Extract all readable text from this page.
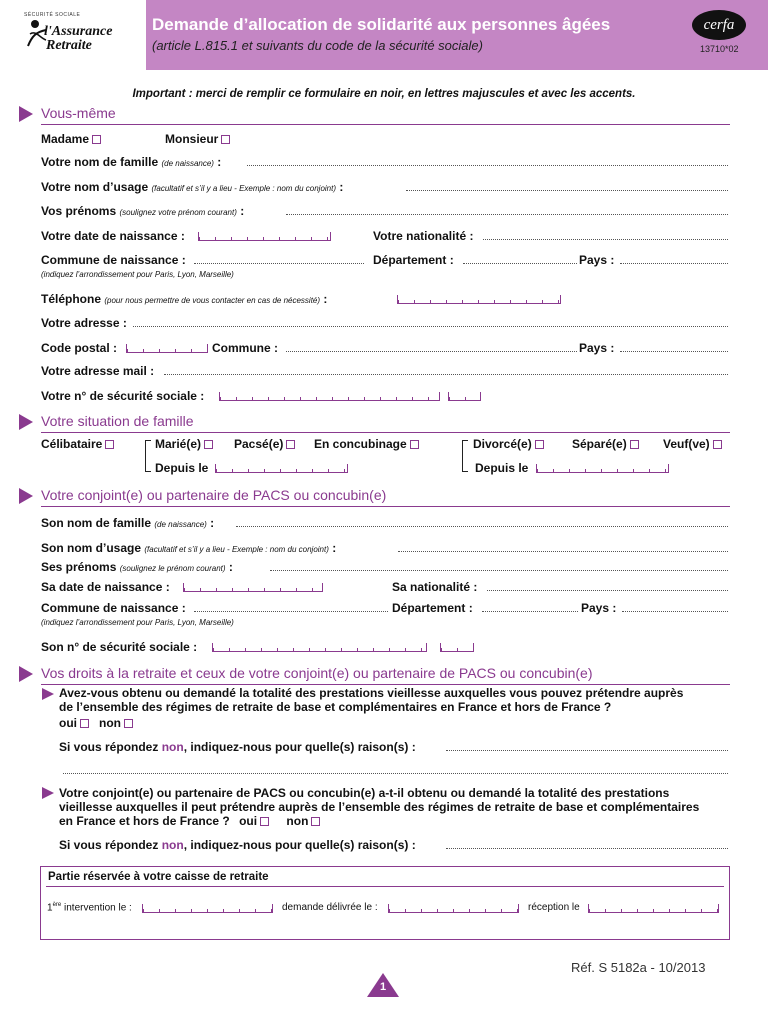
SÉCURITÉ SOCIALE
l'Assurance
Retraite
Demande d’allocation de solidarité aux personnes âgées
(article L.815.1 et suivants du code de la sécurité sociale)
cerfa
13710*02
Important : merci de remplir ce formulaire en noir, en lettres majuscules et avec les accents.
Vous-même
Madame	Monsieur
Votre nom de famille (de naissance) :
Votre nom d’usage (facultatif et s’il y a lieu - Exemple : nom du conjoint) :
Vos prénoms (soulignez votre prénom courant) :
Votre date de naissance :	Votre nationalité :
Commune de naissance :	Département :	Pays :
(indiquez l’arrondissement pour Paris, Lyon, Marseille)
Téléphone (pour nous permettre de vous contacter en cas de nécessité) :
Votre adresse :
Code postal :	Commune :	Pays :
Votre adresse mail :
Votre n° de sécurité sociale :
Votre situation de famille
Célibataire	Marié(e)	Pacsé(e)	En concubinage
Depuis le
Divorcé(e)	Séparé(e)	Veuf(ve)
Depuis le
Votre conjoint(e) ou partenaire de PACS ou concubin(e)
Son nom de famille (de naissance) :
Son nom d’usage (facultatif et s’il y a lieu - Exemple : nom du conjoint) :
Ses prénoms (soulignez le prénom courant) :
Sa date de naissance :	Sa nationalité :
Commune de naissance :	Département :	Pays :
(indiquez l’arrondissement pour Paris, Lyon, Marseille)
Son n° de sécurité sociale :
Vos droits à la retraite et ceux de votre conjoint(e) ou partenaire de PACS ou concubin(e)
Avez-vous obtenu ou demandé la totalité des prestations vieillesse auxquelles vous pouvez prétendre auprès
de l’ensemble des régimes de retraite de base et complémentaires en France et hors de France ?
oui	non
Si vous répondez non, indiquez-nous pour quelle(s) raison(s) :
Votre conjoint(e) ou partenaire de PACS ou concubin(e) a-t-il obtenu ou demandé la totalité des prestations
vieillesse auxquelles il peut prétendre auprès de l’ensemble des régimes de retraite de base et complémentaires
en France et hors de France ? oui non
Si vous répondez non, indiquez-nous pour quelle(s) raison(s) :
Partie réservée à votre caisse de retraite
1ère intervention le :	demande délivrée le :	réception le
Réf. S 5182a - 10/2013
1
